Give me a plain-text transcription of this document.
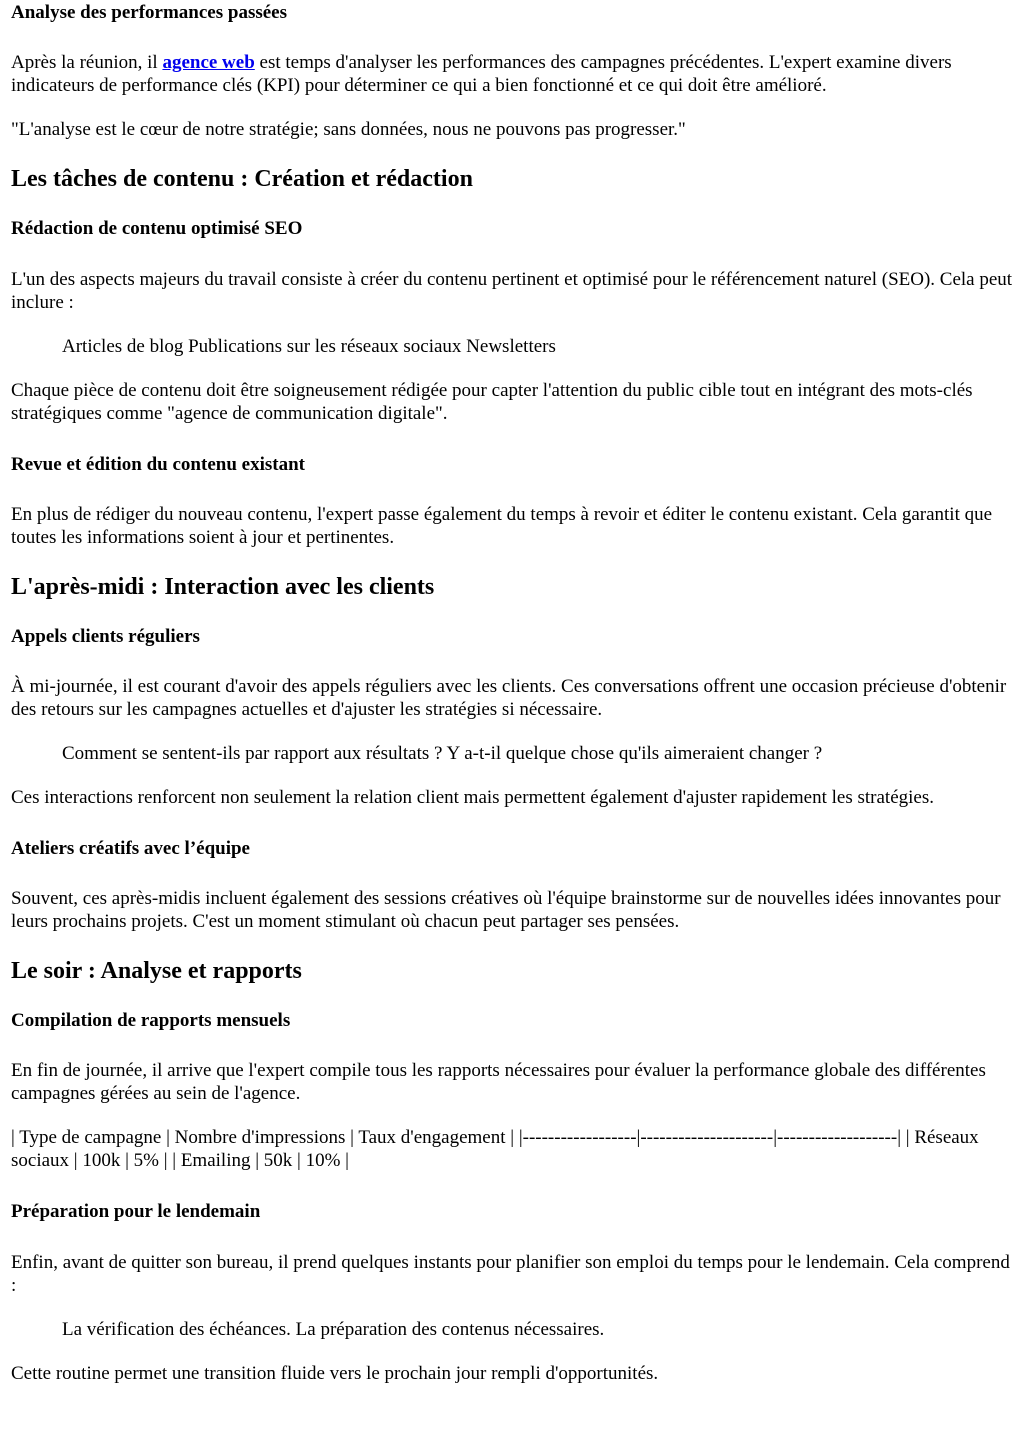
Analyse des performances passées

Après la réunion, il agence web est temps d'analyser les performances des campagnes précédentes. L'expert examine divers indicateurs de performance clés (KPI) pour déterminer ce qui a bien fonctionné et ce qui doit être amélioré.

"L'analyse est le cœur de notre stratégie; sans données, nous ne pouvons pas progresser."

Les tâches de contenu : Création et rédaction
Rédaction de contenu optimisé SEO

L'un des aspects majeurs du travail consiste à créer du contenu pertinent et optimisé pour le référencement naturel (SEO). Cela peut inclure :

Articles de blog Publications sur les réseaux sociaux Newsletters

Chaque pièce de contenu doit être soigneusement rédigée pour capter l'attention du public cible tout en intégrant des mots-clés stratégiques comme "agence de communication digitale".

Revue et édition du contenu existant

En plus de rédiger du nouveau contenu, l'expert passe également du temps à revoir et éditer le contenu existant. Cela garantit que toutes les informations soient à jour et pertinentes.

L'après-midi : Interaction avec les clients
Appels clients réguliers

À mi-journée, il est courant d'avoir des appels réguliers avec les clients. Ces conversations offrent une occasion précieuse d'obtenir des retours sur les campagnes actuelles et d'ajuster les stratégies si nécessaire.

Comment se sentent-ils par rapport aux résultats ? Y a-t-il quelque chose qu'ils aimeraient changer ?

Ces interactions renforcent non seulement la relation client mais permettent également d'ajuster rapidement les stratégies.

Ateliers créatifs avec l’équipe

Souvent, ces après-midis incluent également des sessions créatives où l'équipe brainstorme sur de nouvelles idées innovantes pour leurs prochains projets. C'est un moment stimulant où chacun peut partager ses pensées.

Le soir : Analyse et rapports
Compilation de rapports mensuels

En fin de journée, il arrive que l'expert compile tous les rapports nécessaires pour évaluer la performance globale des différentes campagnes gérées au sein de l'agence.

| Type de campagne | Nombre d'impressions | Taux d'engagement | |------------------|---------------------|-------------------| | Réseaux sociaux | 100k | 5% | | Emailing | 50k | 10% |

Préparation pour le lendemain

Enfin, avant de quitter son bureau, il prend quelques instants pour planifier son emploi du temps pour le lendemain. Cela comprend :

La vérification des échéances. La préparation des contenus nécessaires.

Cette routine permet une transition fluide vers le prochain jour rempli d'opportunités.
